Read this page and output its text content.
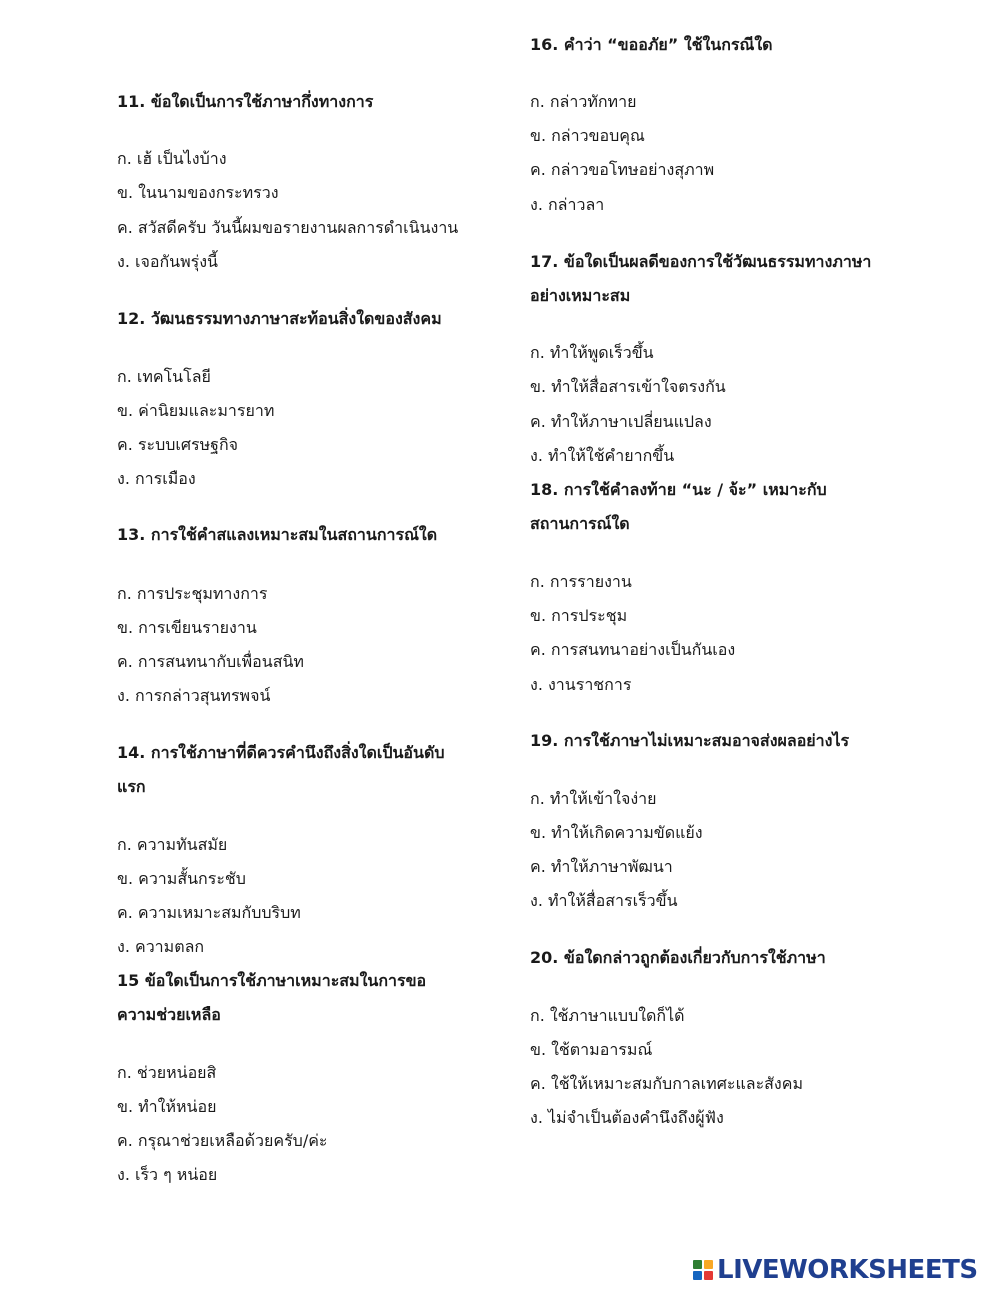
11. ข้อใดเป็นการใช้ภาษากึ่งทางการ
ก. เฮ้ เป็นไงบ้าง
ข. ในนามของกระทรวง
ค. สวัสดีครับ วันนี้ผมขอรายงานผลการดำเนินงาน
ง. เจอกันพรุ่งนี้
12. วัฒนธรรมทางภาษาสะท้อนสิ่งใดของสังคม
ก. เทคโนโลยี
ข. ค่านิยมและมารยาท
ค. ระบบเศรษฐกิจ
ง. การเมือง
13. การใช้คำสแลงเหมาะสมในสถานการณ์ใด
ก. การประชุมทางการ
ข. การเขียนรายงาน
ค. การสนทนากับเพื่อนสนิท
ง. การกล่าวสุนทรพจน์
14. การใช้ภาษาที่ดีควรคำนึงถึงสิ่งใดเป็นอันดับ
แรก
ก. ความทันสมัย
ข. ความสั้นกระชับ
ค. ความเหมาะสมกับบริบท
ง. ความตลก
15 ข้อใดเป็นการใช้ภาษาเหมาะสมในการขอ
ความช่วยเหลือ
ก. ช่วยหน่อยสิ
ข. ทำให้หน่อย
ค. กรุณาช่วยเหลือด้วยครับ/ค่ะ
ง. เร็ว ๆ หน่อย
16. คำว่า “ขออภัย” ใช้ในกรณีใด
ก. กล่าวทักทาย
ข. กล่าวขอบคุณ
ค. กล่าวขอโทษอย่างสุภาพ
ง. กล่าวลา
17. ข้อใดเป็นผลดีของการใช้วัฒนธรรมทางภาษา
อย่างเหมาะสม
ก. ทำให้พูดเร็วขึ้น
ข. ทำให้สื่อสารเข้าใจตรงกัน
ค. ทำให้ภาษาเปลี่ยนแปลง
ง. ทำให้ใช้คำยากขึ้น
18. การใช้คำลงท้าย “นะ / จ้ะ” เหมาะกับ
สถานการณ์ใด
ก. การรายงาน
ข. การประชุม
ค. การสนทนาอย่างเป็นกันเอง
ง. งานราชการ
19. การใช้ภาษาไม่เหมาะสมอาจส่งผลอย่างไร
ก. ทำให้เข้าใจง่าย
ข. ทำให้เกิดความขัดแย้ง
ค. ทำให้ภาษาพัฒนา
ง. ทำให้สื่อสารเร็วขึ้น
20. ข้อใดกล่าวถูกต้องเกี่ยวกับการใช้ภาษา
ก. ใช้ภาษาแบบใดก็ได้
ข. ใช้ตามอารมณ์
ค. ใช้ให้เหมาะสมกับกาลเทศะและสังคม
ง. ไม่จำเป็นต้องคำนึงถึงผู้ฟัง
LIVEWORKSHEETS
